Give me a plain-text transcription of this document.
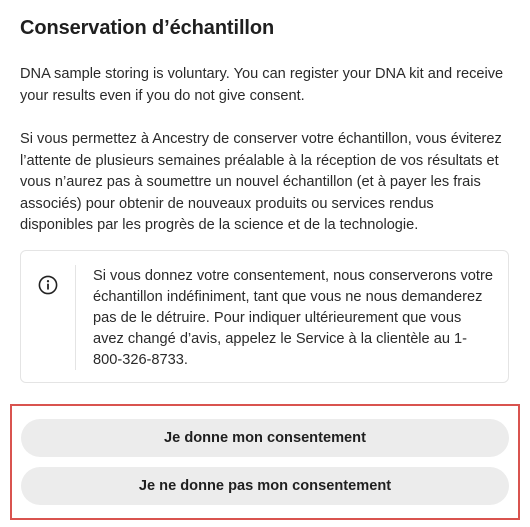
Conservation d’échantillon

DNA sample storing is voluntary. You can register your DNA kit and receive your results even if you do not give consent.

Si vous permettez à Ancestry de conserver votre échantillon, vous éviterez l’attente de plusieurs semaines préalable à la réception de vos résultats et vous n’aurez pas à soumettre un nouvel échantillon (et à payer les frais associés) pour obtenir de nouveaux produits ou services rendus disponibles par les progrès de la science et de la technologie.

Si vous donnez votre consentement, nous conserverons votre échantillon indéfiniment, tant que vous ne nous demanderez pas de le détruire. Pour indiquer ultérieurement que vous avez changé d’avis, appelez le Service à la clientèle au 1-800-326-8733.

Je donne mon consentement
Je ne donne pas mon consentement
